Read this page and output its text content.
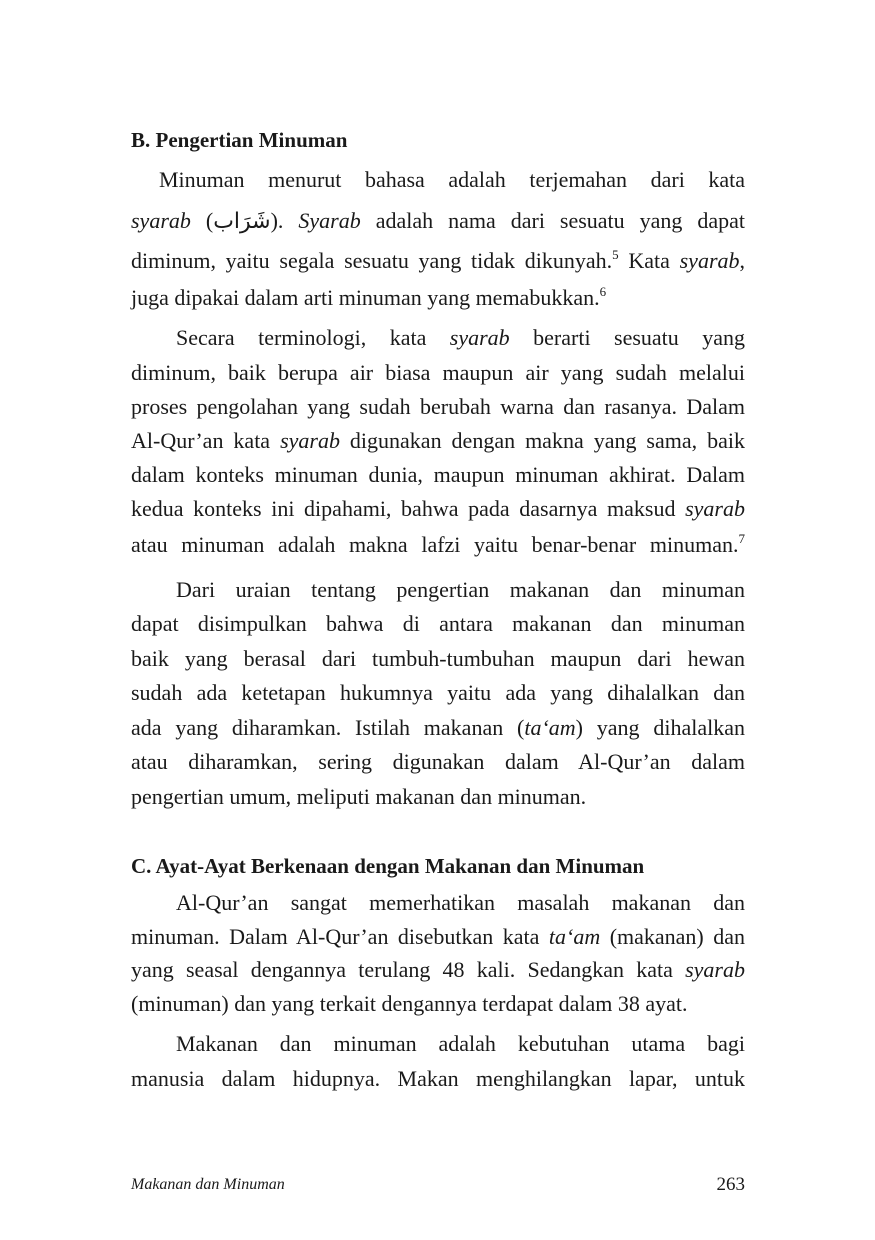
B. Pengertian Minuman
Minuman menurut bahasa adalah terjemahan dari kata
syarab (شَرَاب). Syarab adalah nama dari sesuatu yang dapat
diminum, yaitu segala sesuatu yang tidak dikunyah.$^5$ Kata syarab,
juga dipakai dalam arti minuman yang memabukkan.$^6$
Secara terminologi, kata syarab berarti sesuatu yang
diminum, baik berupa air biasa maupun air yang sudah melalui
proses pengolahan yang sudah berubah warna dan rasanya. Dalam
Al-Qur’an kata syarab digunakan dengan makna yang sama, baik
dalam konteks minuman dunia, maupun minuman akhirat. Dalam
kedua konteks ini dipahami, bahwa pada dasarnya maksud syarab
atau minuman adalah makna lafzi yaitu benar-benar minuman.$^7$
Dari uraian tentang pengertian makanan dan minuman
dapat disimpulkan bahwa di antara makanan dan minuman
baik yang berasal dari tumbuh-tumbuhan maupun dari hewan
sudah ada ketetapan hukumnya yaitu ada yang dihalalkan dan
ada yang diharamkan. Istilah makanan (ta‘am) yang dihalalkan
atau diharamkan, sering digunakan dalam Al-Qur’an dalam
pengertian umum, meliputi makanan dan minuman.
C. Ayat-Ayat Berkenaan dengan Makanan dan Minuman
Al-Qur’an sangat memerhatikan masalah makanan dan
minuman. Dalam Al-Qur’an disebutkan kata ta‘am (makanan) dan
yang seasal dengannya terulang 48 kali. Sedangkan kata syarab
(minuman) dan yang terkait dengannya terdapat dalam 38 ayat.
Makanan dan minuman adalah kebutuhan utama bagi
manusia dalam hidupnya. Makan menghilangkan lapar, untuk
Makanan dan Minuman	263
